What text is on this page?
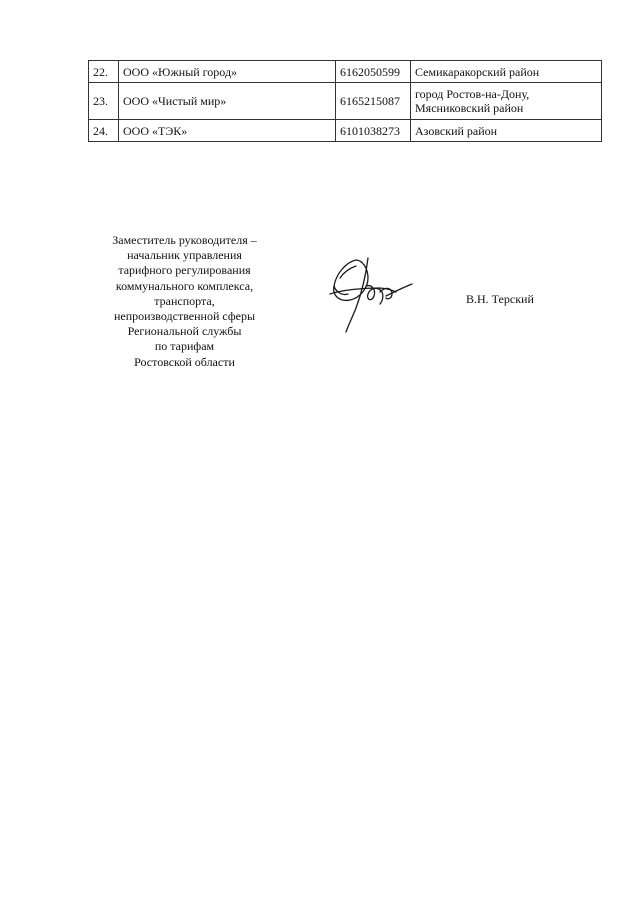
22.	ООО «Южный город»	6162050599	Семикаракорский район
23.	ООО «Чистый мир»	6165215087	город Ростов-на-Дону,
Мясниковский район
24.	ООО «ТЭК»	6101038273	Азовский район
Заместитель руководителя –
начальник управления
тарифного регулирования
коммунального комплекса,
транспорта,
непроизводственной сферы
Региональной службы
по тарифам
Ростовской области
В.Н. Терский
